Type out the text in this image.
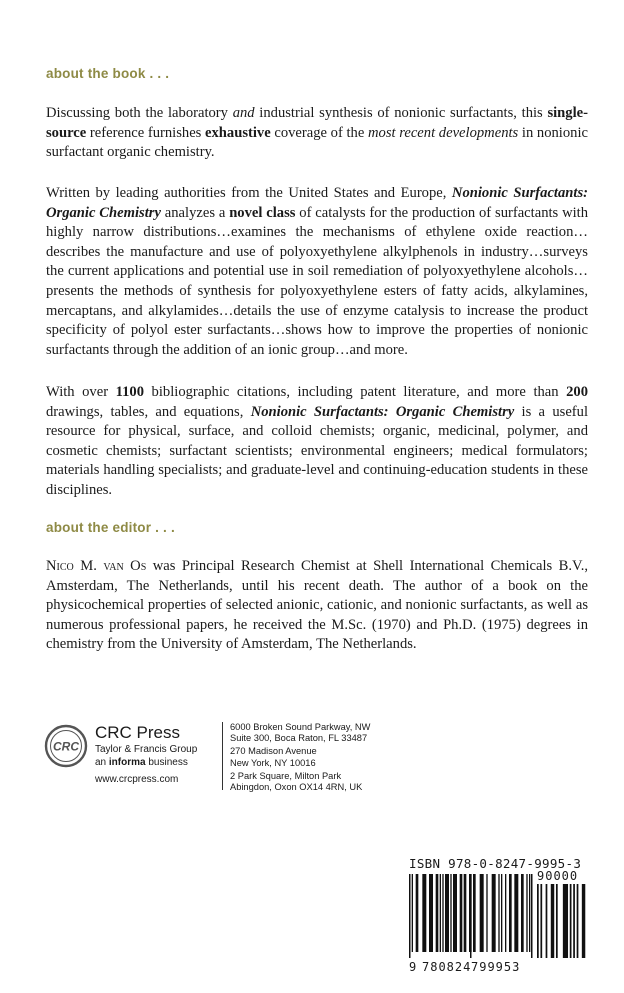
about the book . . .

Discussing both the laboratory and industrial synthesis of nonionic surfactants, this single-source reference furnishes exhaustive coverage of the most recent developments in nonionic surfactant organic chemistry.

Written by leading authorities from the United States and Europe, Nonionic Surfactants: Organic Chemistry analyzes a novel class of catalysts for the production of surfactants with highly narrow distributions…examines the mechanisms of ethylene oxide reaction…describes the manufacture and use of polyoxyethylene alkylphenols in industry…surveys the current applications and potential use in soil remediation of polyoxyethylene alcohols…presents the methods of synthesis for polyoxyethylene esters of fatty acids, alkylamines, mercaptans, and alkylamides…details the use of enzyme catalysis to increase the product specificity of polyol ester surfactants…shows how to improve the properties of nonionic surfactants through the addition of an ionic group…and more.

With over 1100 bibliographic citations, including patent literature, and more than 200 drawings, tables, and equations, Nonionic Surfactants: Organic Chemistry is a useful resource for physical, surface, and colloid chemists; organic, medicinal, polymer, and cosmetic chemists; surfactant scientists; environmental engineers; medical formulators; materials handling specialists; and graduate-level and continuing-education students in these disciplines.

about the editor . . .

Nico M. van Os was Principal Research Chemist at Shell International Chemicals B.V., Amsterdam, The Netherlands, until his recent death. The author of a book on the physicochemical properties of selected anionic, cationic, and nonionic surfactants, as well as numerous professional papers, he received the M.Sc. (1970) and Ph.D. (1975) degrees in chemistry from the University of Amsterdam, The Netherlands.

CRC
CRC Press
Taylor & Francis Group
an informa business
www.crcpress.com
6000 Broken Sound Parkway, NW
Suite 300, Boca Raton, FL 33487
270 Madison Avenue
New York, NY 10016
2 Park Square, Milton Park
Abingdon, Oxon OX14 4RN, UK
ISBN 978-0-8247-9995-3
90000
9 780824 799953
